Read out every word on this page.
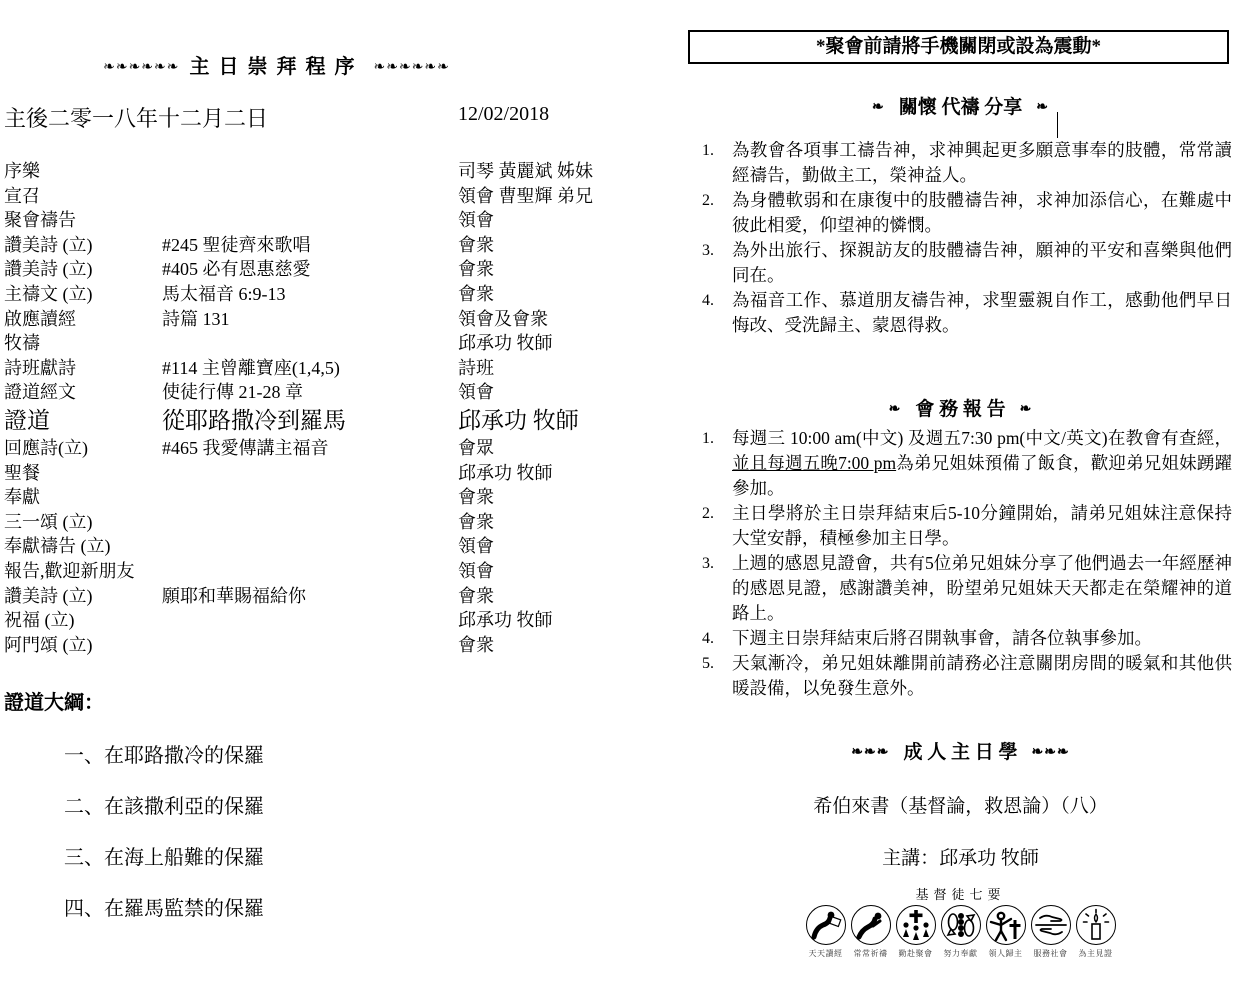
❧❧❧❧❧❧ 主日崇拜程序 ❧❧❧❧❧❧
主後二零一八年十二月二日	12/02/2018
序樂	司琴 黃麗斌 姊妹
宣召	領會 曹聖輝 弟兄
聚會禱告	領會
讚美詩 (立)	#245 聖徒齊來歌唱	會衆
讚美詩 (立)	#405 必有恩惠慈愛	會衆
主禱文 (立)	馬太福音 6:9-13	會衆
啟應讀經	詩篇 131	領會及會衆
牧禱	邱承功 牧師
詩班獻詩	#114 主曾離寶座(1,4,5)	詩班
證道經文	使徒行傳 21-28 章	領會
證道	從耶路撒冷到羅馬	邱承功 牧師
回應詩(立)	#465 我愛傳講主福音	會眾
聖餐	邱承功 牧師
奉獻	會衆
三一頌 (立)	會衆
奉獻禱告 (立)	領會
報告,歡迎新朋友	領會
讚美詩 (立)	願耶和華賜福給你	會衆
祝福 (立)	邱承功 牧師
阿門頌 (立)	會衆
證道大綱：
一、在耶路撒冷的保羅
二、在該撒利亞的保羅
三、在海上船難的保羅
四、在羅馬監禁的保羅
*聚會前請將手機關閉或設為震動*
❧ 關懷 代禱 分享 ❧
1.	為教會各項事工禱告神，求神興起更多願意事奉的肢體，常常讀經禱告，勤做主工，榮神益人。
2.	為身體軟弱和在康復中的肢體禱告神，求神加添信心，在難處中彼此相愛，仰望神的憐憫。
3.	為外出旅行、探親訪友的肢體禱告神，願神的平安和喜樂與他們同在。
4.	為福音工作、慕道朋友禱告神，求聖靈親自作工，感動他們早日悔改、受洗歸主、蒙恩得救。
❧ 會 務 報 告 ❧
1.	每週三 10:00 am(中文) 及週五7:30 pm(中文/英文)在教會有查經，並且每週五晚7:00 pm為弟兄姐妹預備了飯食，歡迎弟兄姐妹踴躍參加。
2.	主日學將於主日崇拜結束后5-10分鐘開始，請弟兄姐妹注意保持大堂安靜，積極參加主日學。
3.	上週的感恩見證會，共有5位弟兄姐妹分享了他們過去一年經歷神的感恩見證，感謝讚美神，盼望弟兄姐妹天天都走在榮耀神的道路上。
4.	下週主日崇拜結束后將召開執事會，請各位執事參加。
5.	天氣漸冷，弟兄姐妹離開前請務必注意關閉房間的暖氣和其他供暖設備，以免發生意外。
❧❧❧ 成 人 主 日 學 ❧❧❧
希伯來書（基督論，救恩論）（八）
主講：邱承功 牧師
基督徒七要
天天讀經 常常祈禱 勤赴聚會 努力奉獻 領人歸主 服務社會 為主見證
